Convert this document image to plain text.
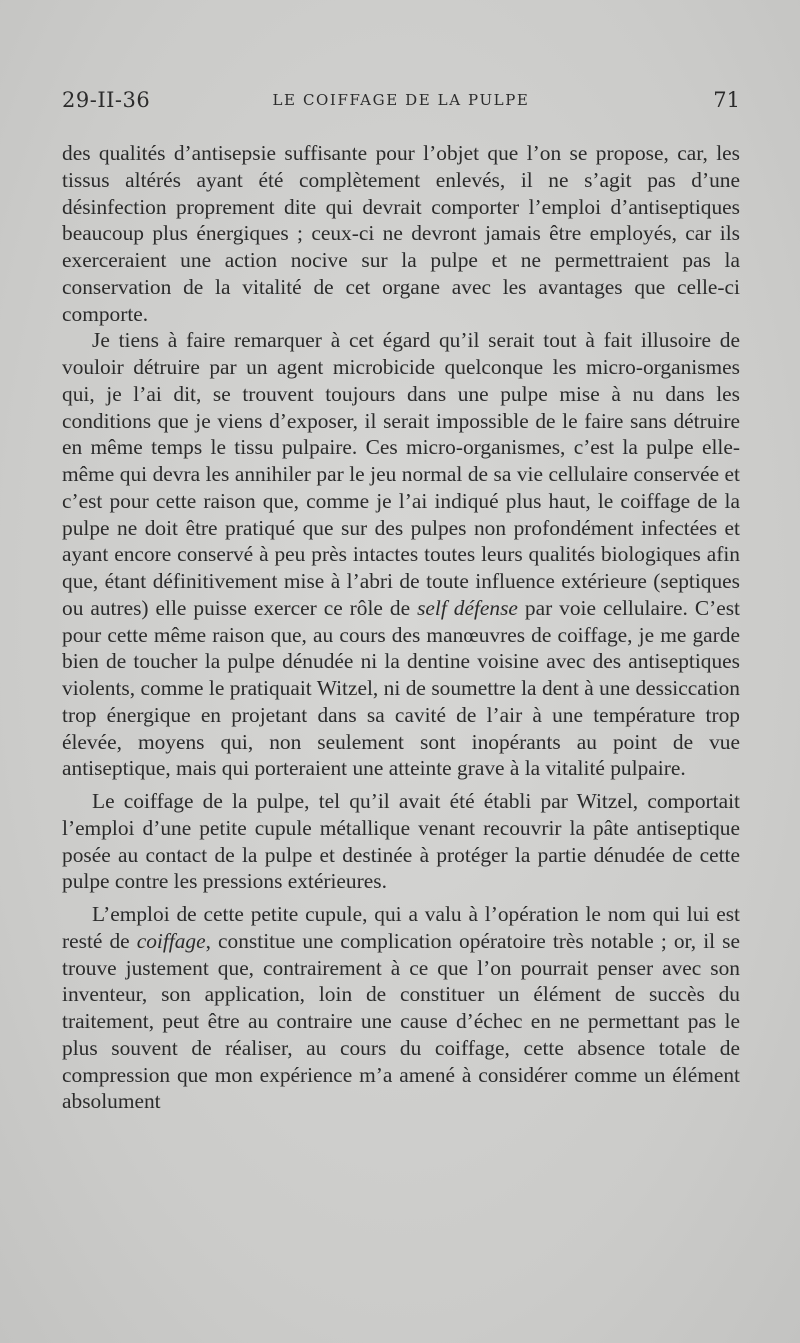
29-II-36	LE COIFFAGE DE LA PULPE	71

des qualités d’antisepsie suffisante pour l’objet que l’on se propose, car, les tissus altérés ayant été complètement enlevés, il ne s’agit pas d’une désinfection proprement dite qui devrait comporter l’emploi d’antiseptiques beaucoup plus énergiques ; ceux-ci ne devront jamais être employés, car ils exerceraient une action nocive sur la pulpe et ne permettraient pas la conservation de la vitalité de cet organe avec les avantages que celle-ci comporte.

Je tiens à faire remarquer à cet égard qu’il serait tout à fait illusoire de vouloir détruire par un agent microbicide quelconque les micro-organismes qui, je l’ai dit, se trouvent toujours dans une pulpe mise à nu dans les conditions que je viens d’exposer, il serait impossible de le faire sans détruire en même temps le tissu pulpaire. Ces micro-organismes, c’est la pulpe elle-même qui devra les annihiler par le jeu normal de sa vie cellulaire conservée et c’est pour cette raison que, comme je l’ai indiqué plus haut, le coiffage de la pulpe ne doit être pratiqué que sur des pulpes non profondément infectées et ayant encore conservé à peu près intactes toutes leurs qualités biologiques afin que, étant définitivement mise à l’abri de toute influence extérieure (septiques ou autres) elle puisse exercer ce rôle de self défense par voie cellulaire. C’est pour cette même raison que, au cours des manœuvres de coiffage, je me garde bien de toucher la pulpe dénudée ni la dentine voisine avec des antiseptiques violents, comme le pratiquait Witzel, ni de soumettre la dent à une dessiccation trop énergique en projetant dans sa cavité de l’air à une température trop élevée, moyens qui, non seulement sont inopérants au point de vue antiseptique, mais qui porteraient une atteinte grave à la vitalité pulpaire.

Le coiffage de la pulpe, tel qu’il avait été établi par Witzel, comportait l’emploi d’une petite cupule métallique venant recouvrir la pâte antiseptique posée au contact de la pulpe et destinée à protéger la partie dénudée de cette pulpe contre les pressions extérieures.

L’emploi de cette petite cupule, qui a valu à l’opération le nom qui lui est resté de coiffage, constitue une complication opératoire très notable ; or, il se trouve justement que, contrairement à ce que l’on pourrait penser avec son inventeur, son application, loin de constituer un élément de succès du traitement, peut être au contraire une cause d’échec en ne permettant pas le plus souvent de réaliser, au cours du coiffage, cette absence totale de compression que mon expérience m’a amené à considérer comme un élément absolument
